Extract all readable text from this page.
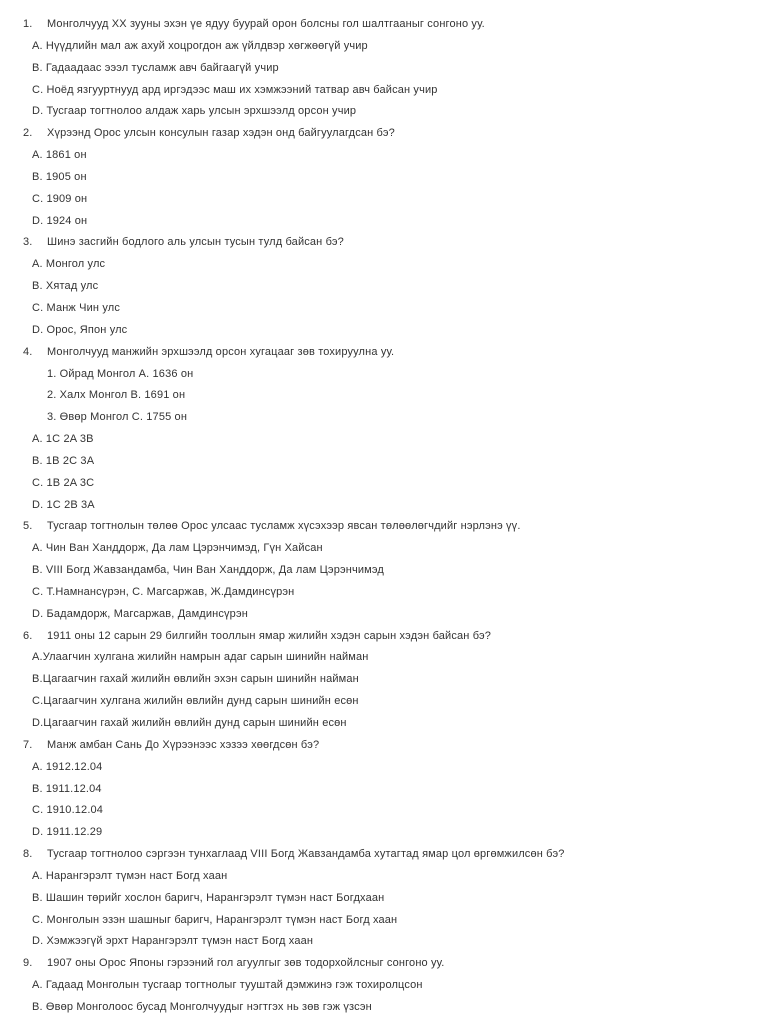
1. Монголчууд ХХ зууны эхэн үе ядуу буурай орон болсны гол шалтгааныг сонгоно уу.
A. Нүүдлийн мал аж ахуй хоцрогдон аж үйлдвэр хөгжөөгүй учир
B. Гадаадаас эээл тусламж авч байгаагүй учир
C. Ноёд язгууртнууд ард иргэдээс маш их хэмжээний татвар авч байсан учир
D. Тусгаар тогтнолоо алдаж харь улсын эрхшээлд орсон учир
2. Хүрээнд Орос улсын консулын газар хэдэн онд байгуулагдсан бэ?
A. 1861 он
B. 1905 он
C. 1909 он
D. 1924 он
3. Шинэ засгийн бодлого аль улсын тусын тулд байсан бэ?
A. Монгол улс
B. Хятад улс
C. Манж Чин улс
D. Орос, Япон улс
4. Монголчууд манжийн эрхшээлд орсон хугацааг зөв тохируулна уу.
1. Ойрад Монгол А. 1636 он
2. Халх Монгол В. 1691 он
3. Өвөр Монгол С. 1755 он
A. 1C 2A 3B
B. 1B 2C 3A
C. 1B 2A 3C
D. 1C 2B 3A
5. Тусгаар тогтнолын төлөө Орос улсаас тусламж хүсэхээр явсан төлөөлөгчдийг нэрлэнэ үү.
A. Чин Ван Ханддорж, Да лам Цэрэнчимэд, Гүн Хайсан
B. VIII Богд Жавзандамба, Чин Ван Ханддорж, Да лам Цэрэнчимэд
C. Т.Намнансүрэн, С. Магсаржав, Ж.Дамдинсүрэн
D. Бадамдорж, Магсаржав, Дамдинсүрэн
6. 1911 оны 12 сарын 29 билгийн тооллын ямар жилийн хэдэн сарын хэдэн байсан бэ?
A.Улаагчин хулгана жилийн намрын адаг сарын шинийн найман
B.Цагаагчин гахай жилийн өвлийн эхэн сарын шинийн найман
C.Цагаагчин хулгана жилийн өвлийн дунд сарын шинийн есөн
D.Цагаагчин гахай жилийн өвлийн дунд сарын шинийн есөн
7. Манж амбан Сань До Хүрээнээс хэзээ хөөгдсөн бэ?
A. 1912.12.04
B. 1911.12.04
C. 1910.12.04
D. 1911.12.29
8. Тусгаар тогтнолоо сэргээн тунхаглаад VIII Богд Жавзандамба хутагтад ямар цол өргөмжилсөн бэ?
A. Нарангэрэлт түмэн наст Богд хаан
B. Шашин төрийг хослон баригч, Нарангэрэлт түмэн наст Богдхаан
C. Монголын эзэн шашныг баригч, Нарангэрэлт түмэн наст Богд хаан
D. Хэмжээгүй эрхт Нарангэрэлт түмэн наст Богд хаан
9. 1907 оны Орос Японы гэрээний гол агуулгыг зөв тодорхойлсныг сонгоно уу.
A. Гадаад Монголын тусгаар тогтнолыг тууштай дэмжинэ гэж тохиролцсон
B. Өвөр Монголоос бусад Монголчуудыг нэгтгэх нь зөв гэж үзсэн
